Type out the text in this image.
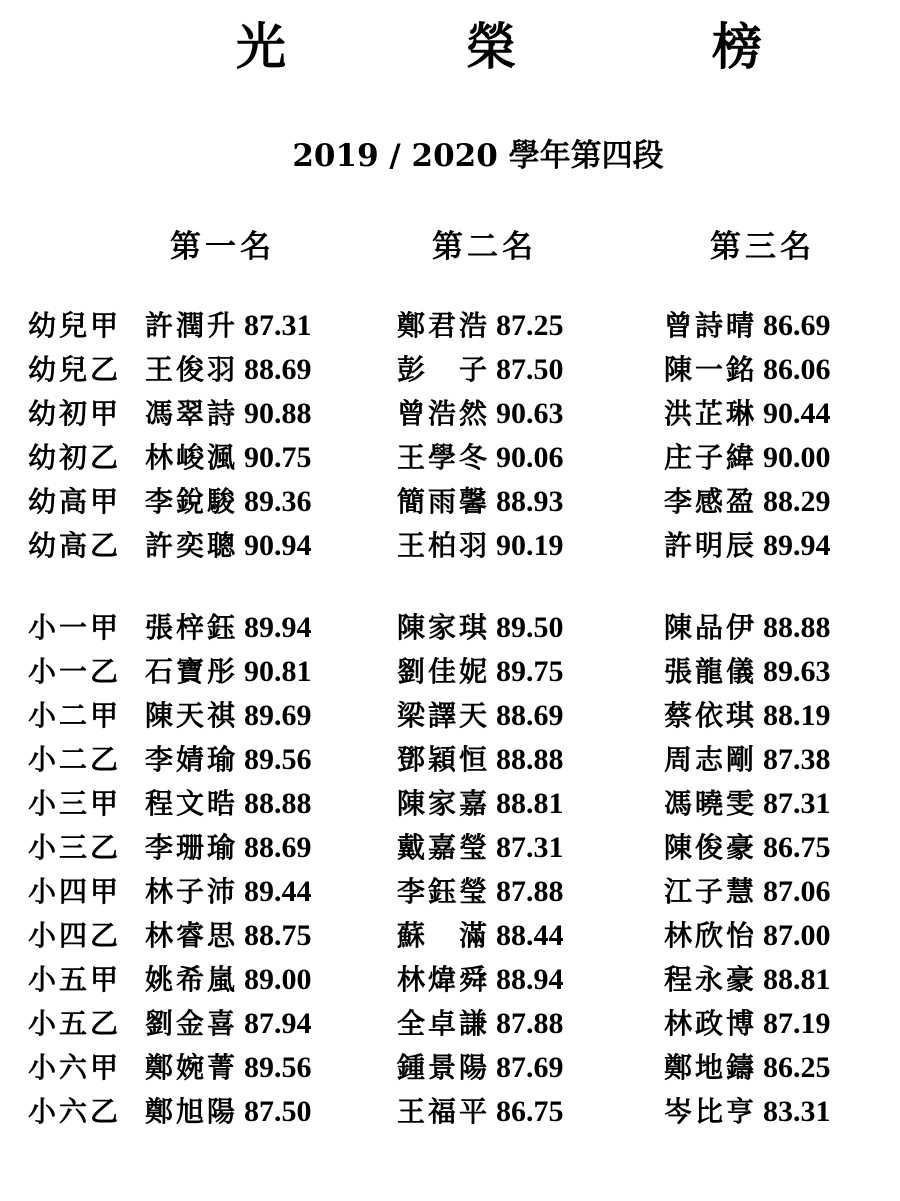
光	榮	榜
2019 / 2020 學年第四段
第一名	第二名	第三名
幼兒甲 許潤升 87.31	鄭君浩 87.25	曾詩晴 86.69
幼兒乙 王俊羽 88.69	彭　子 87.50	陳一銘 86.06
幼初甲 馮翠詩 90.88	曾浩然 90.63	洪芷琳 90.44
幼初乙 林峻渢 90.75	王學冬 90.06	庄子緯 90.00
幼高甲 李銳駿 89.36	簡雨馨 88.93	李感盈 88.29
幼高乙 許奕聰 90.94	王柏羽 90.19	許明辰 89.94
小一甲 張梓鈺 89.94	陳家琪 89.50	陳品伊 88.88
小一乙 石寶彤 90.81	劉佳妮 89.75	張龍儀 89.63
小二甲 陳天祺 89.69	梁譯天 88.69	蔡依琪 88.19
小二乙 李婧瑜 89.56	鄧穎恒 88.88	周志剛 87.38
小三甲 程文晧 88.88	陳家嘉 88.81	馮曉雯 87.31
小三乙 李珊瑜 88.69	戴嘉瑩 87.31	陳俊豪 86.75
小四甲 林子沛 89.44	李鈺瑩 87.88	江子慧 87.06
小四乙 林睿思 88.75	蘇　滿 88.44	林欣怡 87.00
小五甲 姚希嵐 89.00	林煒舜 88.94	程永豪 88.81
小五乙 劉金喜 87.94	全卓謙 87.88	林政博 87.19
小六甲 鄭婉菁 89.56	鍾景陽 87.69	鄭地鑄 86.25
小六乙 鄭旭陽 87.50	王福平 86.75	岑比亨 83.31
